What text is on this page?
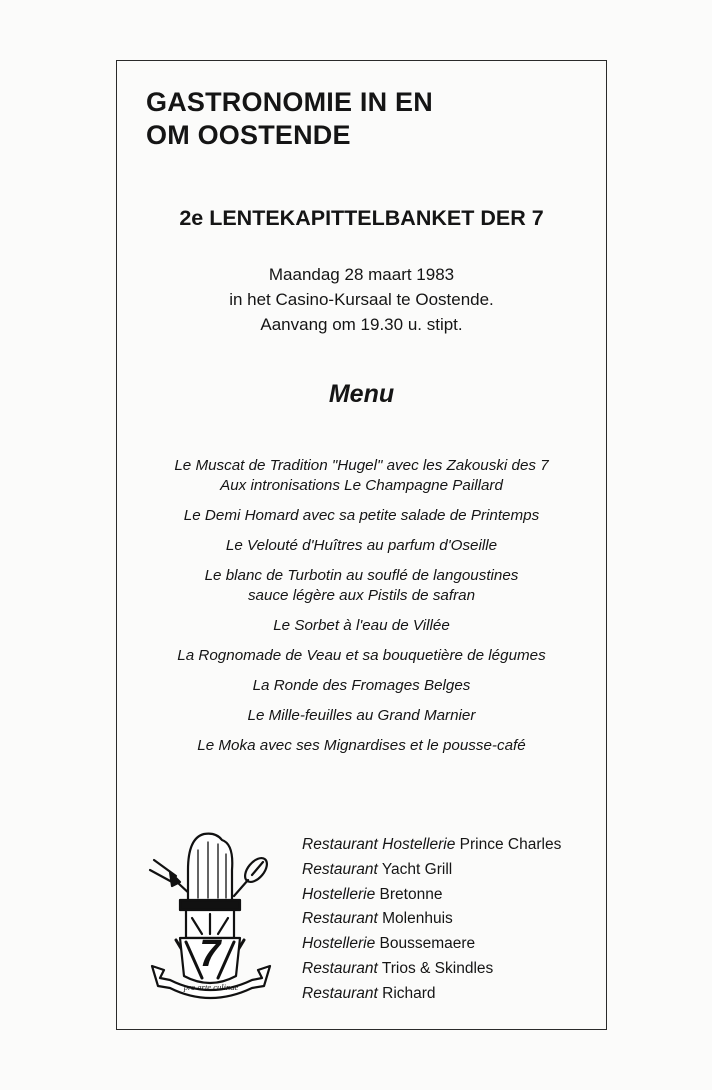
GASTRONOMIE IN EN
OM OOSTENDE
2e LENTEKAPITTELBANKET DER 7
Maandag 28 maart 1983
in het Casino-Kursaal te Oostende.
Aanvang om 19.30 u. stipt.
Menu
Le Muscat de Tradition "Hugel" avec les Zakouski des 7
Aux intronisations Le Champagne Paillard
Le Demi Homard avec sa petite salade de Printemps
Le Velouté d'Huîtres au parfum d'Oseille
Le blanc de Turbotin au souflé de langoustines
sauce légère aux Pistils de safran
Le Sorbet à l'eau de Villée
La Rognomade de Veau et sa bouquetière de légumes
La Ronde des Fromages Belges
Le Mille-feuilles au Grand Marnier
Le Moka avec ses Mignardises et le pousse-café
7
pro arte culinae
Restaurant Hostellerie Prince Charles
Restaurant Yacht Grill
Hostellerie Bretonne
Restaurant Molenhuis
Hostellerie Boussemaere
Restaurant Trios & Skindles
Restaurant Richard
